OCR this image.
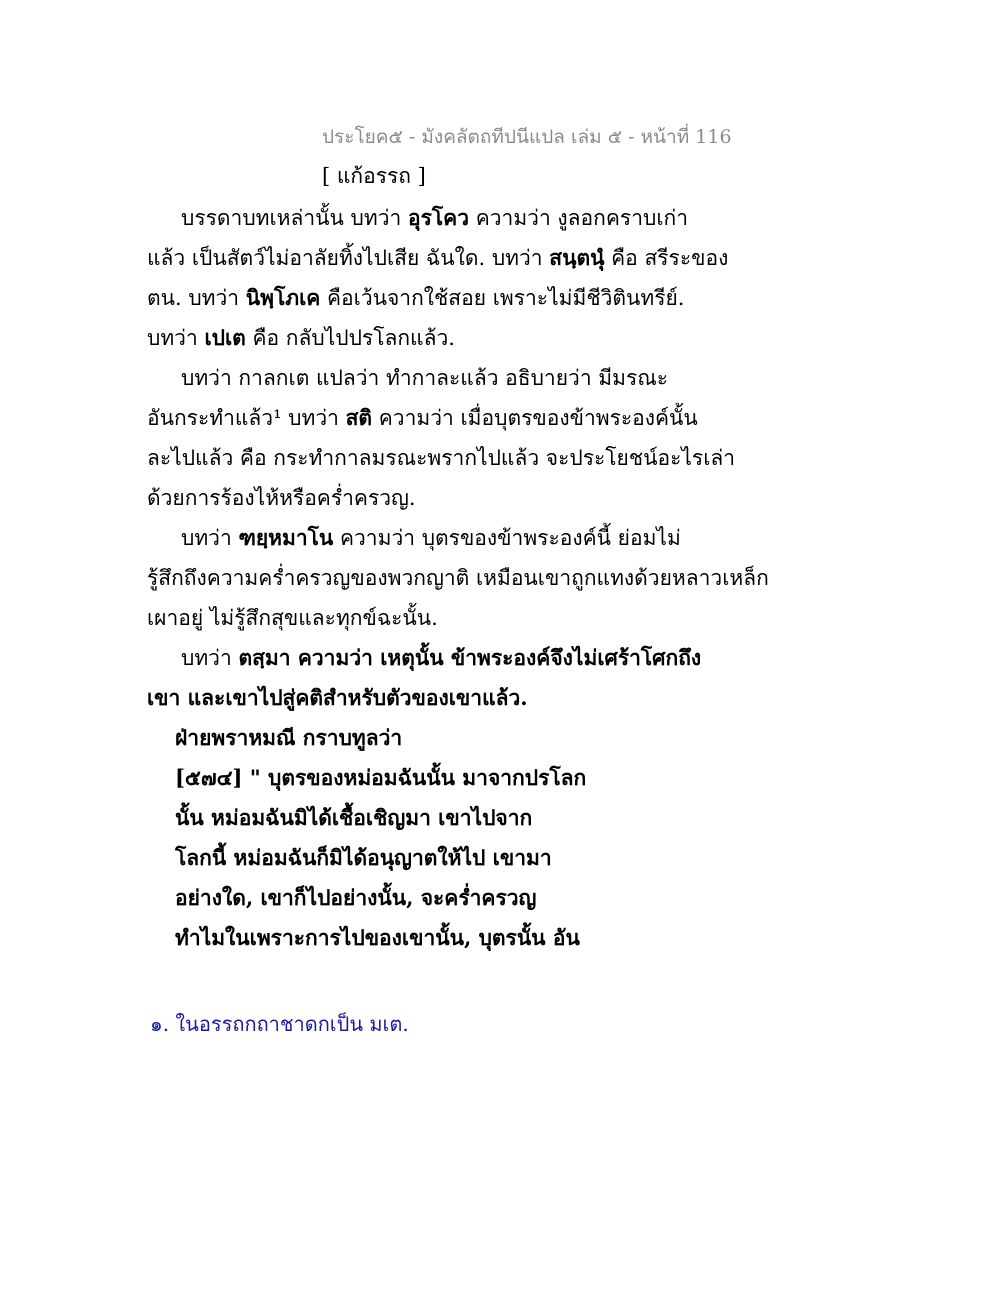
ประโยค๕ - มังคลัตถทีปนีแปล เล่ม ๕ - หน้าที่ 116
[ แก้อรรถ ]
บรรดาบทเหล่านั้น บทว่า อุรโคว ความว่า งูลอกคราบเก่า
แล้ว เป็นสัตว์ไม่อาลัยทิ้งไปเสีย ฉันใด. บทว่า สนฺตนุํ คือ สรีระของ
ตน. บทว่า นิพฺโภเค คือเว้นจากใช้สอย เพราะไม่มีชีวิตินทรีย์.
บทว่า เปเต คือ กลับไปปรโลกแล้ว.
บทว่า กาลกเต แปลว่า ทำกาละแล้ว อธิบายว่า มีมรณะ
อันกระทำแล้ว¹ บทว่า สติ ความว่า เมื่อบุตรของข้าพระองค์นั้น
ละไปแล้ว คือ กระทำกาลมรณะพรากไปแล้ว จะประโยชน์อะไรเล่า
ด้วยการร้องไห้หรือคร่ำครวญ.
บทว่า ฑยฺหมาโน ความว่า บุตรของข้าพระองค์นี้ ย่อมไม่
รู้สึกถึงความคร่ำครวญของพวกญาติ เหมือนเขาถูกแทงด้วยหลาวเหล็ก
เผาอยู่ ไม่รู้สึกสุขและทุกข์ฉะนั้น.
บทว่า ตสฺมา ความว่า เหตุนั้น ข้าพระองค์จึงไม่เศร้าโศกถึง
เขา และเขาไปสู่คติสำหรับตัวของเขาแล้ว.
ฝ่ายพราหมณี กราบทูลว่า
[๕๗๔] " บุตรของหม่อมฉันนั้น มาจากปรโลก
นั้น หม่อมฉันมิได้เชื้อเชิญมา เขาไปจาก
โลกนี้ หม่อมฉันก็มิได้อนุญาตให้ไป เขามา
อย่างใด, เขาก็ไปอย่างนั้น, จะคร่ำครวญ
ทำไมในเพราะการไปของเขานั้น, บุตรนั้น อัน
๑. ในอรรถกถาชาดกเป็น มเต.
